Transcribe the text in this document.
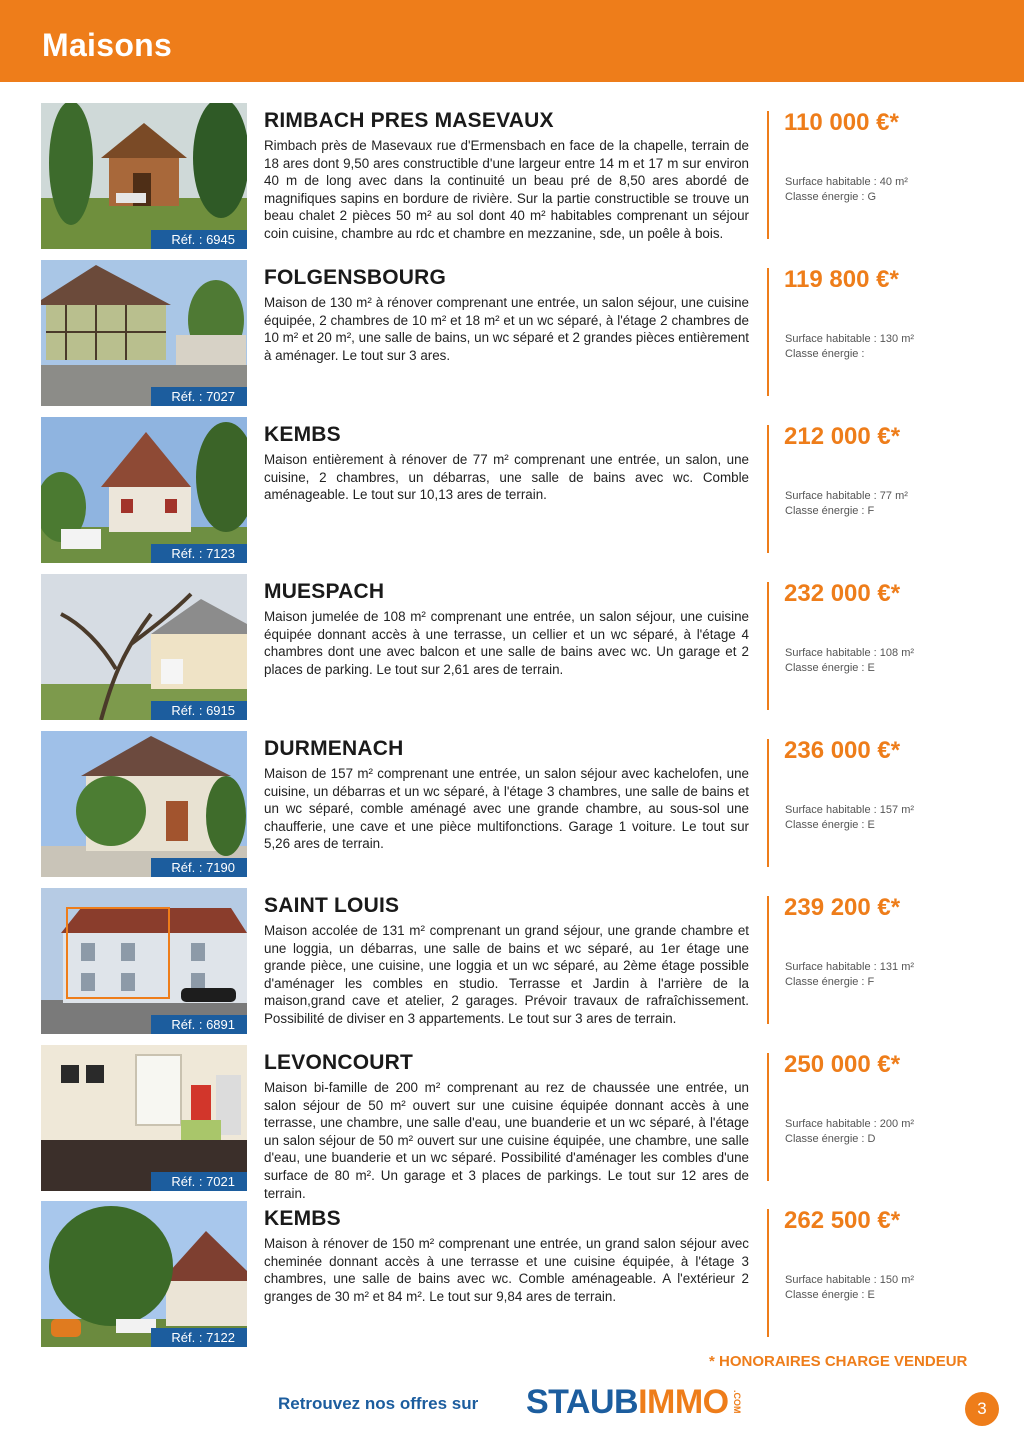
Maisons
Réf. : 6945
RIMBACH PRES MASEVAUX
Rimbach près de Masevaux rue d'Ermensbach en face de la chapelle, terrain de 18 ares dont 9,50 ares constructible d'une largeur entre 14 m et 17 m sur environ 40 m de long avec dans la continuité un beau pré de 8,50 ares abordé de magnifiques sapins en bordure de rivière. Sur la partie constructible se trouve un beau chalet 2 pièces 50 m² au sol dont 40 m² habitables comprenant un séjour coin cuisine, chambre au rdc et chambre en mezzanine, sde, un poêle à bois.
110 000 €*
Surface habitable : 40 m²
Classe énergie : G
Réf. : 7027
FOLGENSBOURG
Maison de 130 m² à rénover comprenant une entrée, un salon séjour, une cuisine équipée, 2 chambres de 10 m² et 18 m² et un wc séparé, à l'étage 2 chambres de 10 m² et 20 m², une salle de bains, un wc séparé et 2 grandes pièces entièrement à aménager. Le tout sur 3 ares.
119 800 €*
Surface habitable : 130 m²
Classe énergie :
Réf. : 7123
KEMBS
Maison entièrement à rénover de 77 m² comprenant une entrée, un salon, une cuisine, 2 chambres, un débarras, une salle de bains avec wc. Comble aménageable. Le tout sur 10,13 ares de terrain.
212 000 €*
Surface habitable : 77 m²
Classe énergie : F
Réf. : 6915
MUESPACH
Maison jumelée de 108 m² comprenant une entrée, un salon séjour, une cuisine équipée donnant accès à une terrasse, un cellier et un wc séparé, à l'étage 4 chambres dont une avec balcon et une salle de bains avec wc. Un garage et 2 places de parking. Le tout sur 2,61 ares de terrain.
232 000 €*
Surface habitable : 108 m²
Classe énergie : E
Réf. : 7190
DURMENACH
Maison de 157 m² comprenant une entrée, un salon séjour avec kachelofen, une cuisine, un débarras et un wc séparé, à l'étage 3 chambres, une salle de bains et un wc séparé, comble aménagé avec une grande chambre, au sous-sol une chaufferie, une cave et une pièce multifonctions. Garage 1 voiture. Le tout sur 5,26 ares de terrain.
236 000 €*
Surface habitable : 157 m²
Classe énergie : E
Réf. : 6891
SAINT LOUIS
Maison accolée de 131 m² comprenant un grand séjour, une grande chambre et une loggia, un débarras, une salle de bains et wc séparé, au 1er étage une grande pièce, une cuisine, une loggia et un wc séparé, au 2ème étage possible d'aménager les combles en studio. Terrasse et Jardin à l'arrière de la maison,grand cave et atelier, 2 garages. Prévoir travaux de rafraîchissement. Possibilité de diviser en 3 appartements. Le tout sur 3 ares de terrain.
239 200 €*
Surface habitable : 131 m²
Classe énergie : F
Réf. : 7021
LEVONCOURT
Maison bi-famille de 200 m² comprenant au rez de chaussée une entrée, un salon séjour de 50 m² ouvert sur une cuisine équipée donnant accès à une terrasse, une chambre, une salle d'eau, une buanderie et un wc séparé, à l'étage un salon séjour de 50 m² ouvert sur une cuisine équipée, une chambre, une salle d'eau, une buanderie et un wc séparé. Possibilité d'aménager les combles d'une surface de 80 m². Un garage et 3 places de parkings. Le tout sur 12 ares de terrain.
250 000 €*
Surface habitable : 200 m²
Classe énergie : D
Réf. : 7122
KEMBS
Maison à rénover de 150 m² comprenant une entrée, un grand salon séjour avec cheminée donnant accès à une terrasse et une cuisine équipée, à l'étage 3 chambres, une salle de bains avec wc. Comble aménageable. A l'extérieur 2 granges de 30 m² et 84 m². Le tout sur 9,84 ares de terrain.
262 500 €*
Surface habitable : 150 m²
Classe énergie : E
* HONORAIRES CHARGE VENDEUR
Retrouvez nos offres sur STAUBIMMO .COM	3
